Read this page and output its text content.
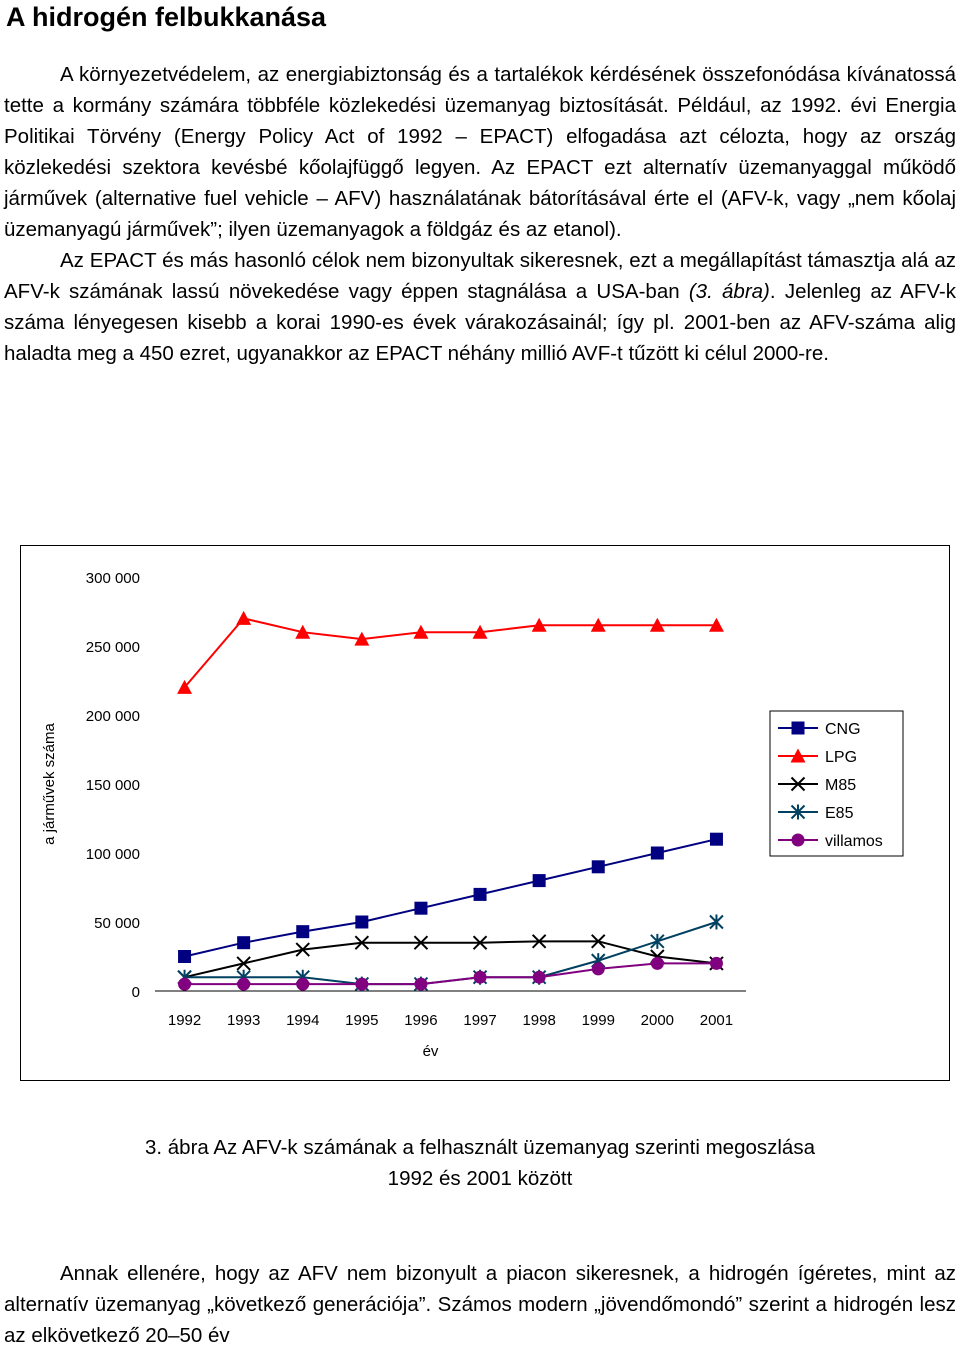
A hidrogén felbukkanása

A környezetvédelem, az energiabiztonság és a tartalékok kérdésének összefonódása kívánatossá tette a kormány számára többféle közlekedési üzemanyag biztosítását. Például, az 1992. évi Energia Politikai Törvény (Energy Policy Act of 1992 – EPACT) elfogadása azt célozta, hogy az ország közlekedési szektora kevésbé kőolajfüggő legyen. Az EPACT ezt alternatív üzemanyaggal működő járművek (alternative fuel vehicle – AFV) használatának bátorításával érte el (AFV-k, vagy „nem kőolaj üzemanyagú járművek”; ilyen üzemanyagok a földgáz és az etanol).

Az EPACT és más hasonló célok nem bizonyultak sikeresnek, ezt a megállapítást támasztja alá az AFV-k számának lassú növekedése vagy éppen stagnálása a USA-ban (3. ábra). Jelenleg az AFV-k száma lényegesen kisebb a korai 1990-es évek várakozásainál; így pl. 2001-ben az AFV-száma alig haladta meg a 450 ezret, ugyanakkor az EPACT néhány millió AVF-t tűzött ki célul 2000-re.

0
50 000
100 000
150 000
200 000
250 000
300 000
1992 1993 1994 1995 1996 1997 1998 1999 2000 2001
év
a járművek száma	CNG
LPG
M85
E85
villamos
3. ábra Az AFV-k számának a felhasznált üzemanyag szerinti megoszlása
1992 és 2001 között

Annak ellenére, hogy az AFV nem bizonyult a piacon sikeresnek, a hidrogén ígéretes, mint az alternatív üzemanyag „következő generációja”. Számos modern „jövendőmondó” szerint a hidrogén lesz az elkövetkező 20–50 év
